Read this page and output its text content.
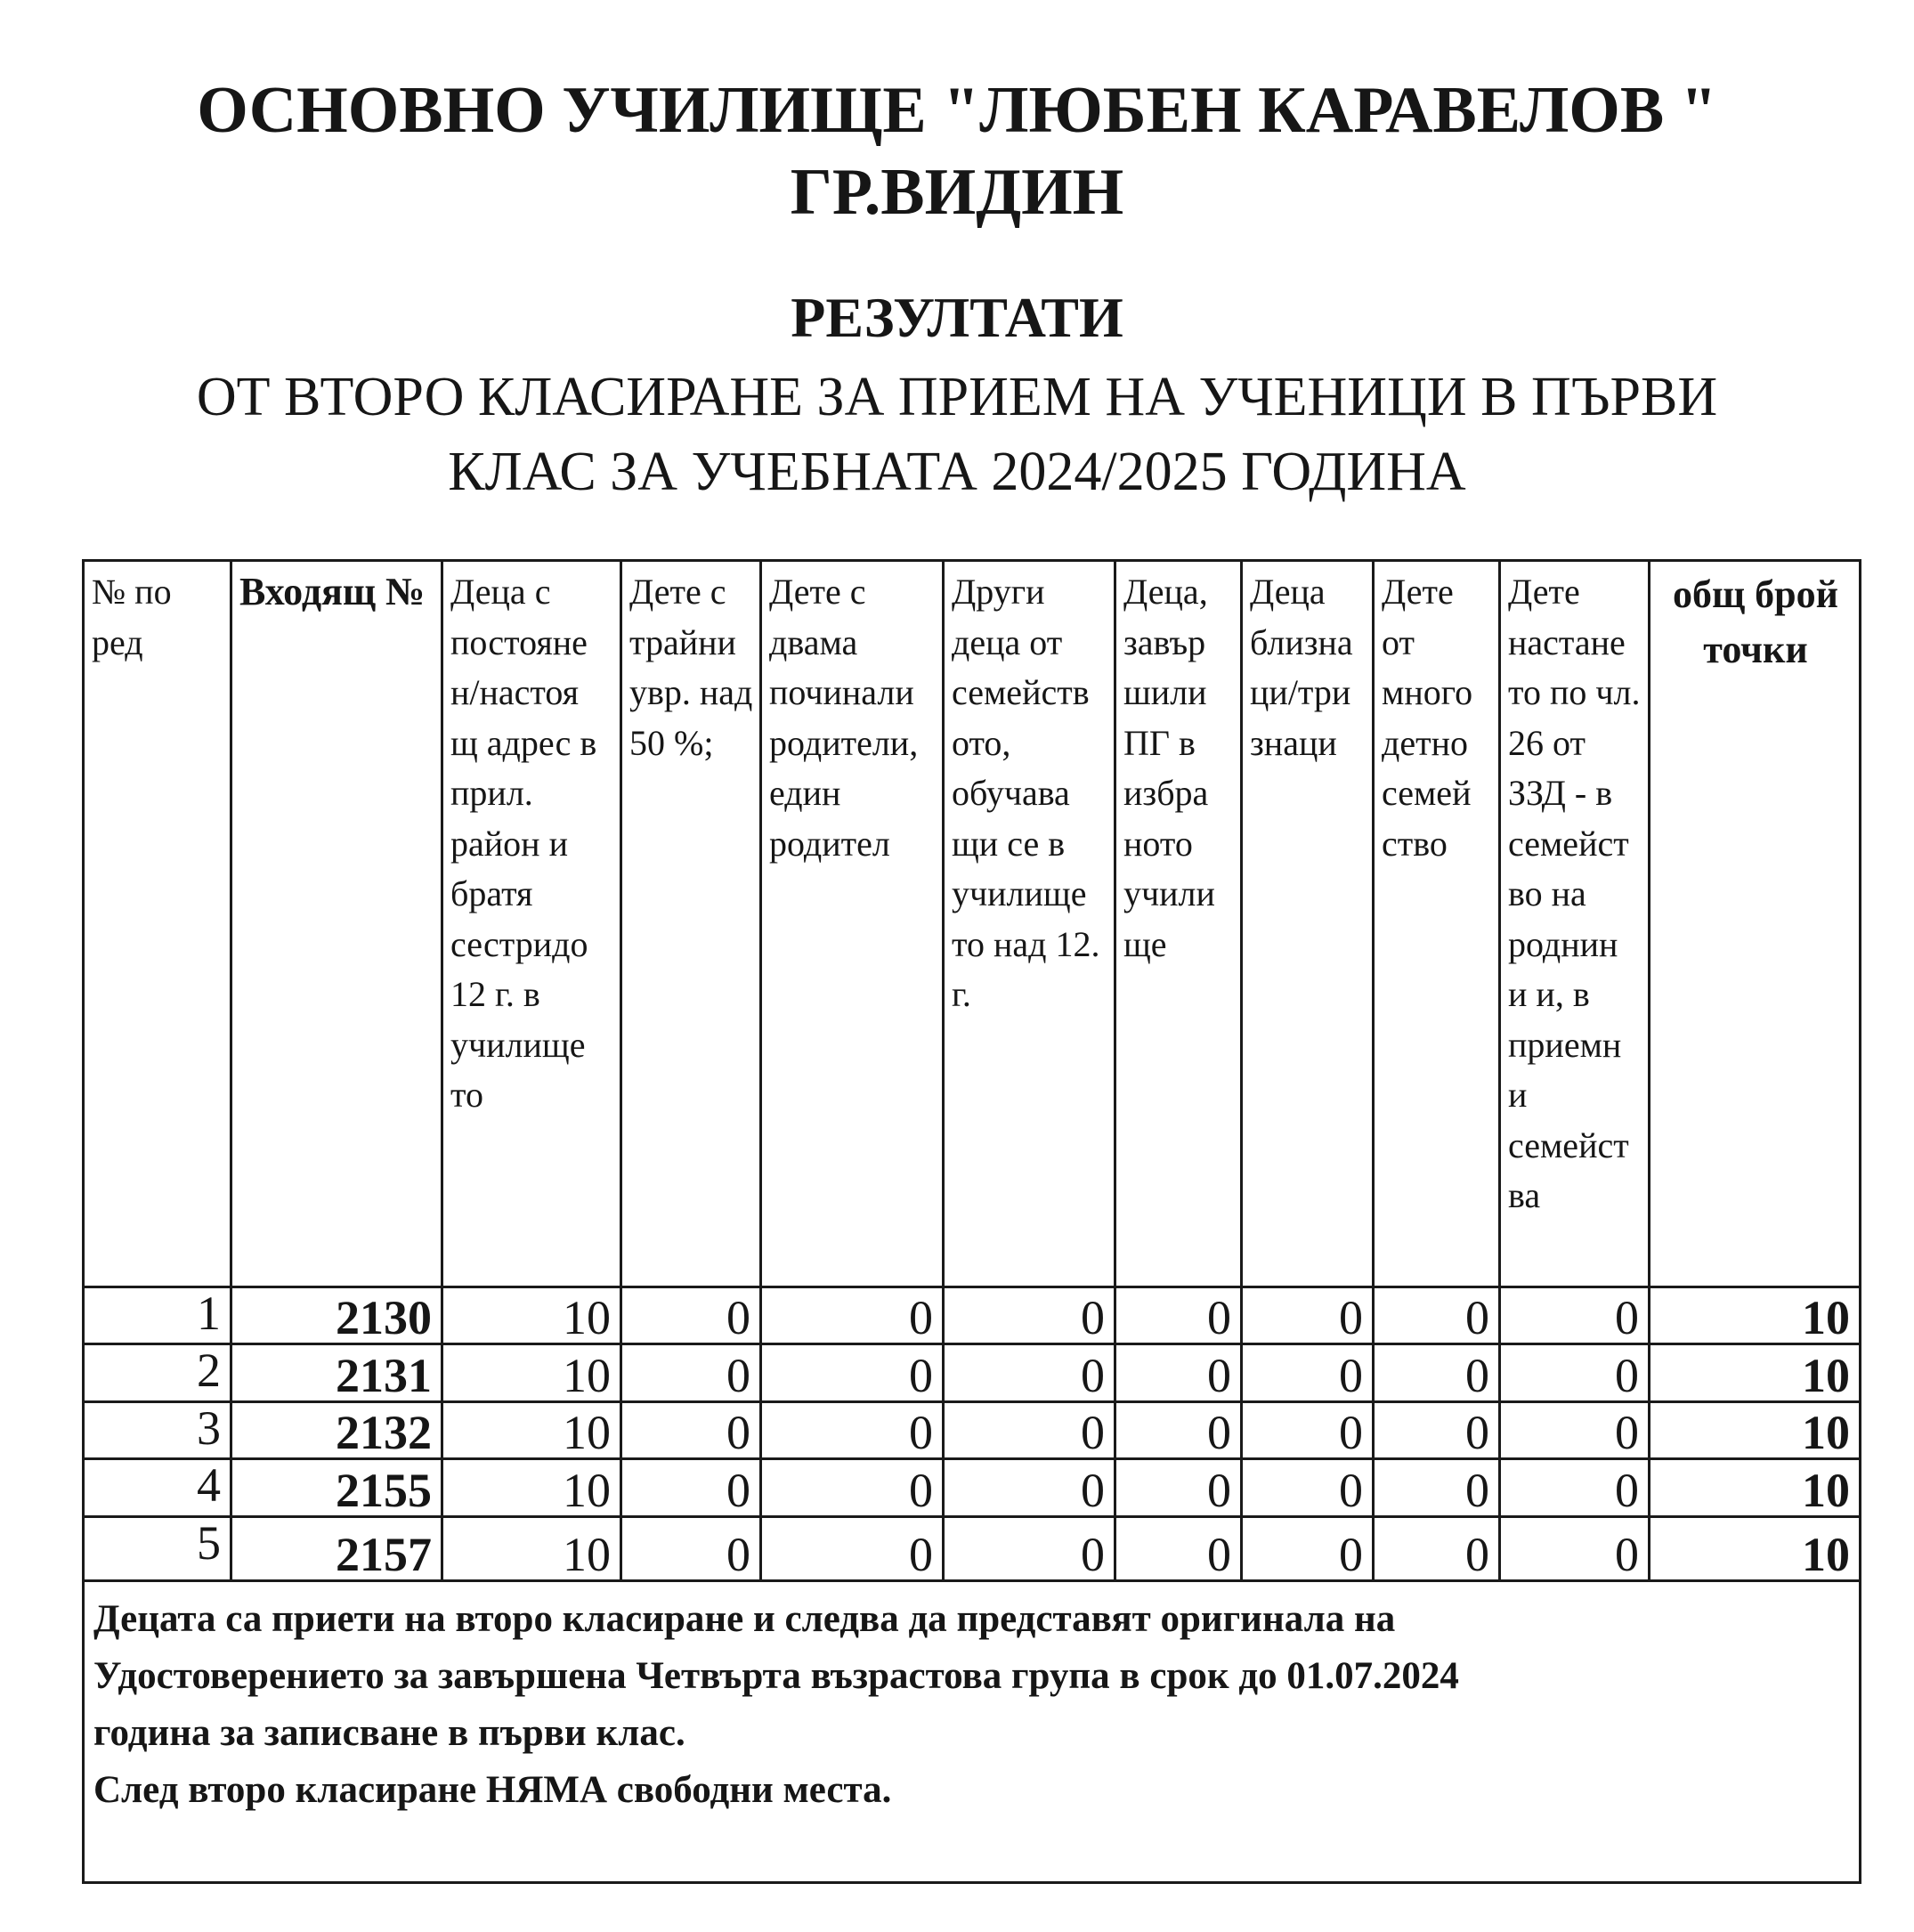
ОСНОВНО УЧИЛИЩЕ "ЛЮБЕН КАРАВЕЛОВ "
ГР.ВИДИН
РЕЗУЛТАТИ

ОТ ВТОРО КЛАСИРАНЕ ЗА ПРИЕМ НА УЧЕНИЦИ В ПЪРВИ
КЛАС ЗА УЧЕБНАТА 2024/2025 ГОДИНА

№ по ред	Входящ №	Деца с постояне н/настоя щ адрес в прил. район и братя сестридо 12 г. в училище то	Дете с трайни увр. над 50 %;	Дете с двама починали родители, един родител	Други деца от семейств ото, обучава щи се в училище то над 12. г.	Деца, завър шили ПГ в избра ното учили ще	Деца близна ци/три знаци	Дете от много детно семей ство	Дете настане то по чл. 26 от ЗЗД - в семейст во на роднин и и, в приемн и семейст ва	общ брой точки
1	2130	10	0	0	0	0	0	0	0	10
2	2131	10	0	0	0	0	0	0	0	10
3	2132	10	0	0	0	0	0	0	0	10
4	2155	10	0	0	0	0	0	0	0	10
5	2157	10	0	0	0	0	0	0	0	10

Децата са приети на второ класиране и следва да представят оригинала на

Удостоверението за завършена Четвърта възрастова група в срок до 01.07.2024

година за записване в първи клас.

След второ класиране НЯМА свободни места.										
